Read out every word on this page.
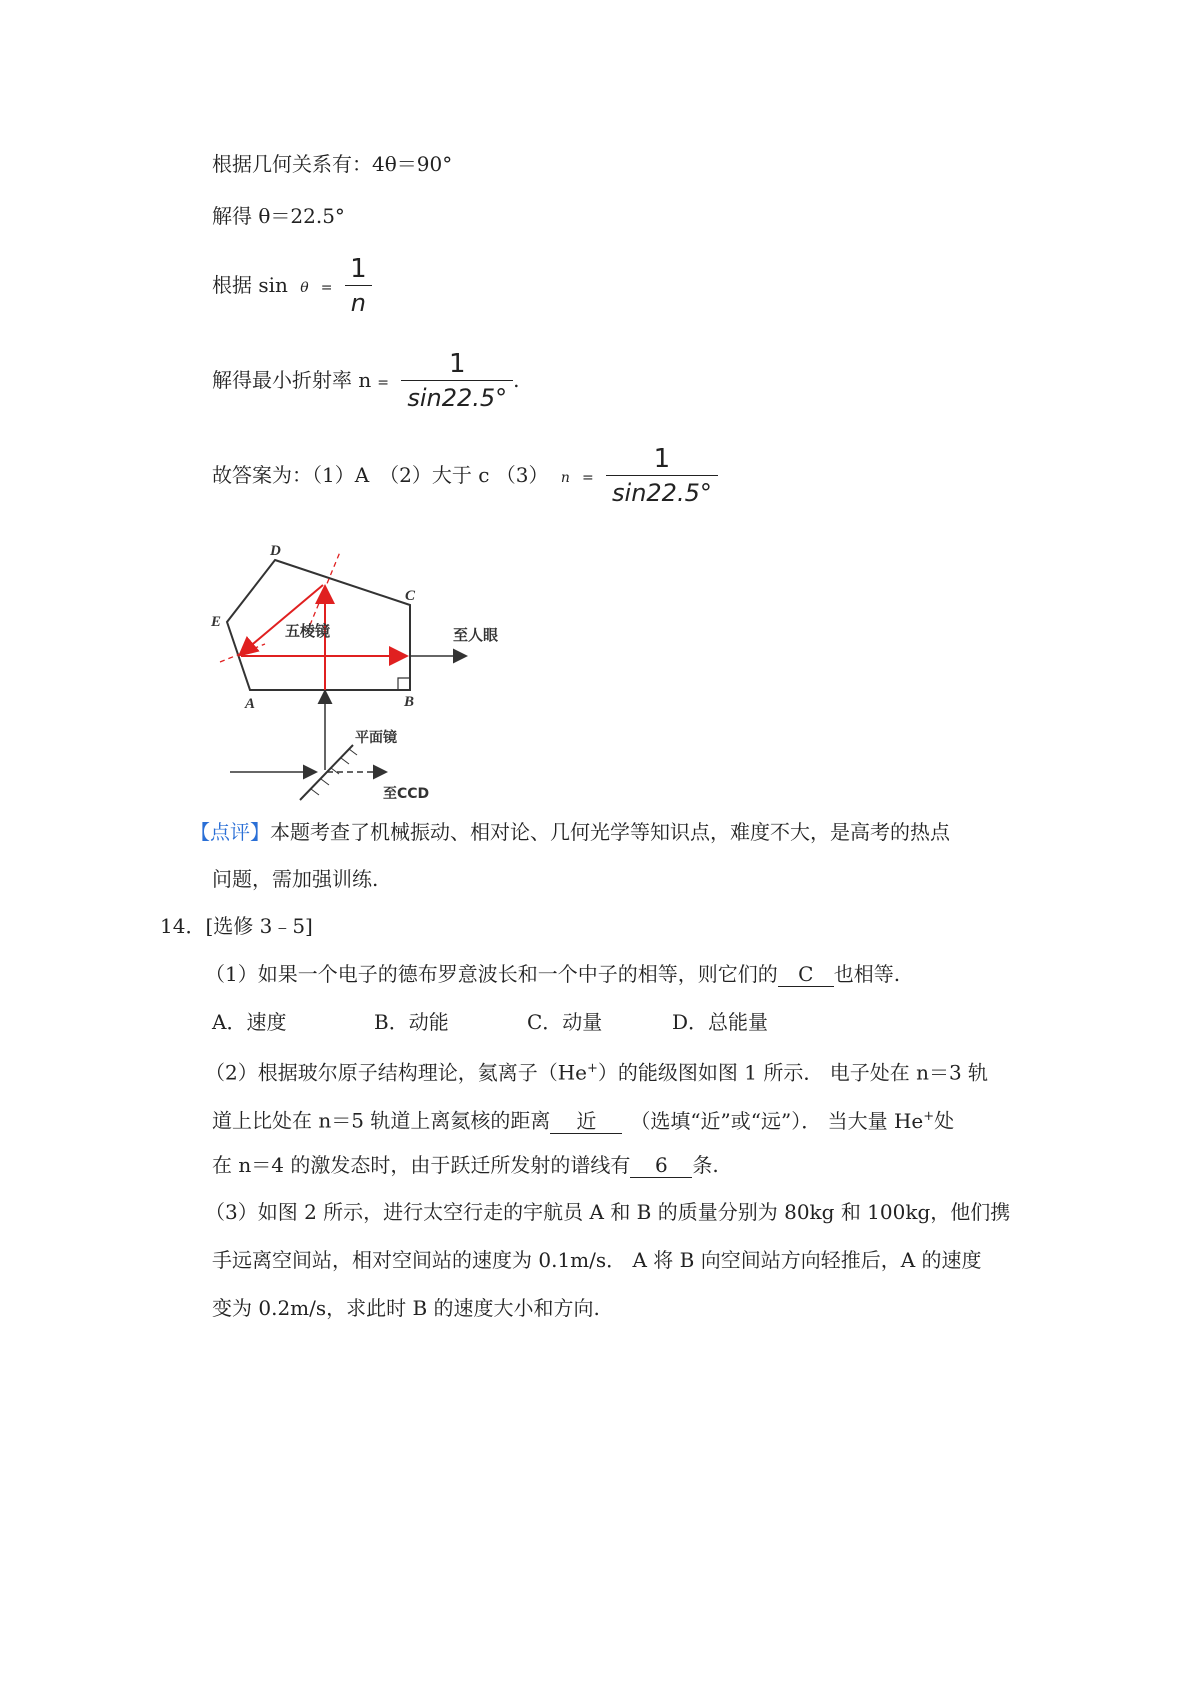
根据几何关系有：4θ＝90°
解得 θ＝22.5°
根据 $\sin \theta = \frac{1}{n}$
解得最小折射率 $n = \frac{1}{\sin 22.5^\circ}$ .
故答案为：（1）A　（2）大于 c （3） $n = \frac{1}{\sin 22.5^\circ}$
D
C
E
A	B
五棱镜	至人眼
平面镜
至CCD
【点评】本题考查了机械振动、相对论、几何光学等知识点，难度不大，是高考的热点
问题，需加强训练.
14．[选修 3﹣5]
（1）如果一个电子的德布罗意波长和一个中子的相等，则它们的 C 也相等.
A．速度	B．动能	C．动量	D．总能量
（2）根据玻尔原子结构理论，氦离子（He+）的能级图如图 1 所示． 电子处在 n＝3 轨
道上比处在 n＝5 轨道上离氦核的距离 近 （选填“近”或“远”）． 当大量 He+处
在 n＝4 的激发态时，由于跃迁所发射的谱线有 6 条.
（3）如图 2 所示，进行太空行走的宇航员 A 和 B 的质量分别为 80kg 和 100kg，他们携
手远离空间站，相对空间站的速度为 0.1m/s． A 将 B 向空间站方向轻推后，A 的速度
变为 0.2m/s，求此时 B 的速度大小和方向.
